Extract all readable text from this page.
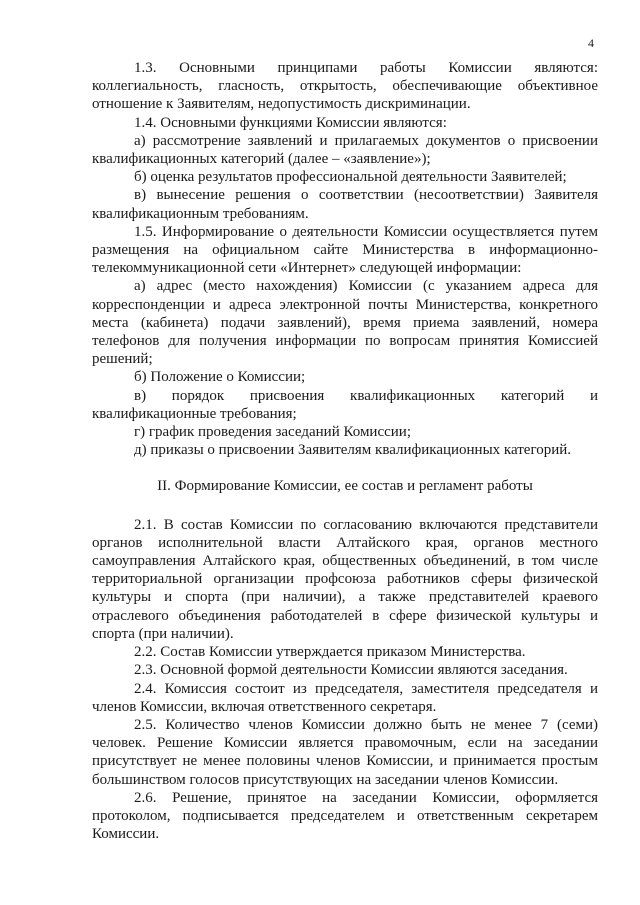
4

1.3. Основными принципами работы Комиссии являются: коллегиальность, гласность, открытость, обеспечивающие объективное отношение к Заявителям, недопустимость дискриминации.

1.4. Основными функциями Комиссии являются:

а) рассмотрение заявлений и прилагаемых документов о присвоении квалификационных категорий (далее – «заявление»);

б) оценка результатов профессиональной деятельности Заявителей;

в) вынесение решения о соответствии (несоответствии) Заявителя квалификационным требованиям.

1.5. Информирование о деятельности Комиссии осуществляется путем размещения на официальном сайте Министерства в информационно-телекоммуникационной сети «Интернет» следующей информации:

а) адрес (место нахождения) Комиссии (с указанием адреса для корреспонденции и адреса электронной почты Министерства, конкретного места (кабинета) подачи заявлений), время приема заявлений, номера телефонов для получения информации по вопросам принятия Комиссией решений;

б) Положение о Комиссии;

в) порядок присвоения квалификационных категорий и квалификационные требования;

г) график проведения заседаний Комиссии;

д) приказы о присвоении Заявителям квалификационных категорий.

II. Формирование Комиссии, ее состав и регламент работы

2.1. В состав Комиссии по согласованию включаются представители органов исполнительной власти Алтайского края, органов местного самоуправления Алтайского края, общественных объединений, в том числе территориальной организации профсоюза работников сферы физической культуры и спорта (при наличии), а также представителей краевого отраслевого объединения работодателей в сфере физической культуры и спорта (при наличии).

2.2. Состав Комиссии утверждается приказом Министерства.

2.3. Основной формой деятельности Комиссии являются заседания.

2.4. Комиссия состоит из председателя, заместителя председателя и членов Комиссии, включая ответственного секретаря.

2.5. Количество членов Комиссии должно быть не менее 7 (семи) человек. Решение Комиссии является правомочным, если на заседании присутствует не менее половины членов Комиссии, и принимается простым большинством голосов присутствующих на заседании членов Комиссии.

2.6. Решение, принятое на заседании Комиссии, оформляется протоколом, подписывается председателем и ответственным секретарем Комиссии.
